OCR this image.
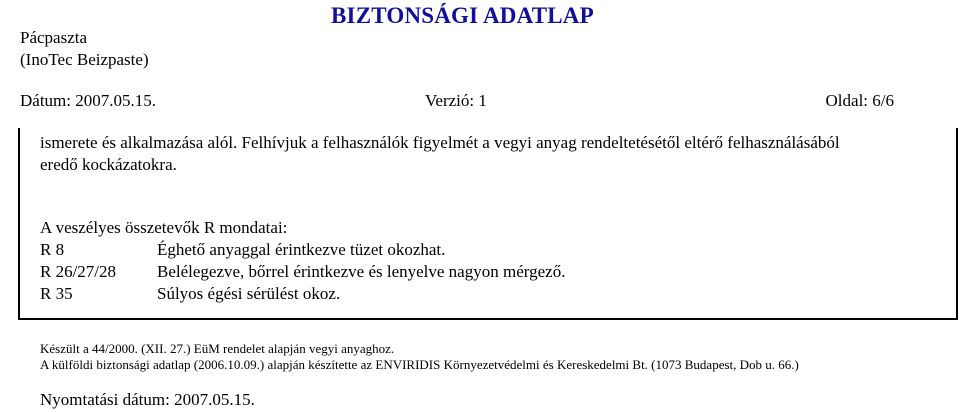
Pácpaszta
(InoTec Beizpaste)
BIZTONSÁGI ADATLAP
Dátum: 2007.05.15.	Verzió: 1	Oldal: 6/6
ismerete és alkalmazása alól. Felhívjuk a felhasználók figyelmét a vegyi anyag rendeltetésétől eltérő felhasználásából
eredő kockázatokra.
A veszélyes összetevők R mondatai:
R 8	Éghető anyaggal érintkezve tüzet okozhat.
R 26/27/28 Belélegezve, bőrrel érintkezve és lenyelve nagyon mérgező.
R 35	Súlyos égési sérülést okoz.
Készült a 44/2000. (XII. 27.) EüM rendelet alapján vegyi anyaghoz.
A külföldi biztonsági adatlap (2006.10.09.) alapján készítette az ENVIRIDIS Környezetvédelmi és Kereskedelmi Bt. (1073 Budapest, Dob u. 66.)
Nyomtatási dátum: 2007.05.15.
